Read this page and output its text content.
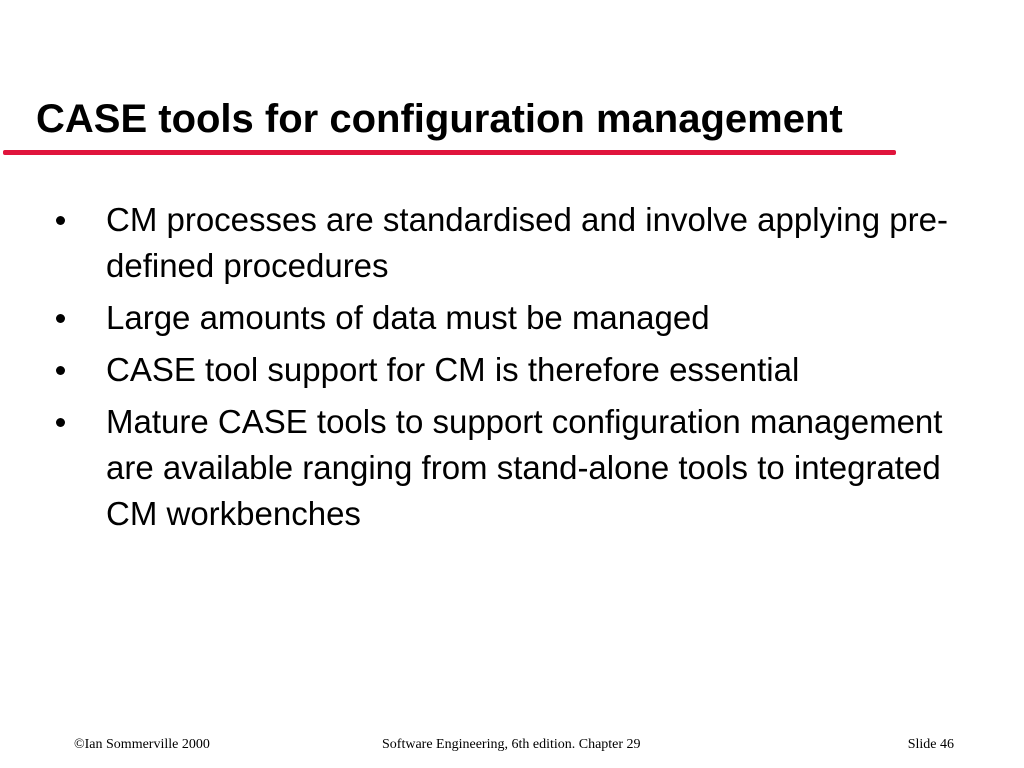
CASE tools for configuration management
CM processes are standardised and involve applying pre-defined procedures
Large amounts of data must be managed
CASE tool support for CM is therefore essential
Mature CASE tools to support configuration management are available ranging from stand-alone tools to integrated CM workbenches
©Ian Sommerville 2000	Software Engineering, 6th edition. Chapter 29	Slide 46
